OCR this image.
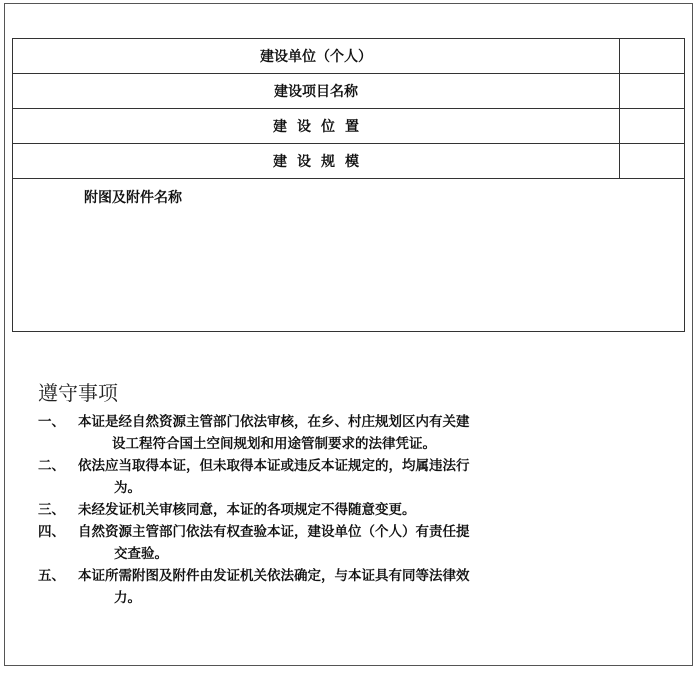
建设单位（个人）
建设项目名称
建设位置
建设规模
附图及附件名称
遵守事项
一、 本证是经自然资源主管部门依法审核，在乡、村庄规划区内有关建
设工程符合国土空间规划和用途管制要求的法律凭证。
二、 依法应当取得本证，但未取得本证或违反本证规定的，均属违法行
为。
三、 未经发证机关审核同意，本证的各项规定不得随意变更。
四、 自然资源主管部门依法有权查验本证，建设单位（个人）有责任提
交查验。
五、 本证所需附图及附件由发证机关依法确定，与本证具有同等法律效
力。
